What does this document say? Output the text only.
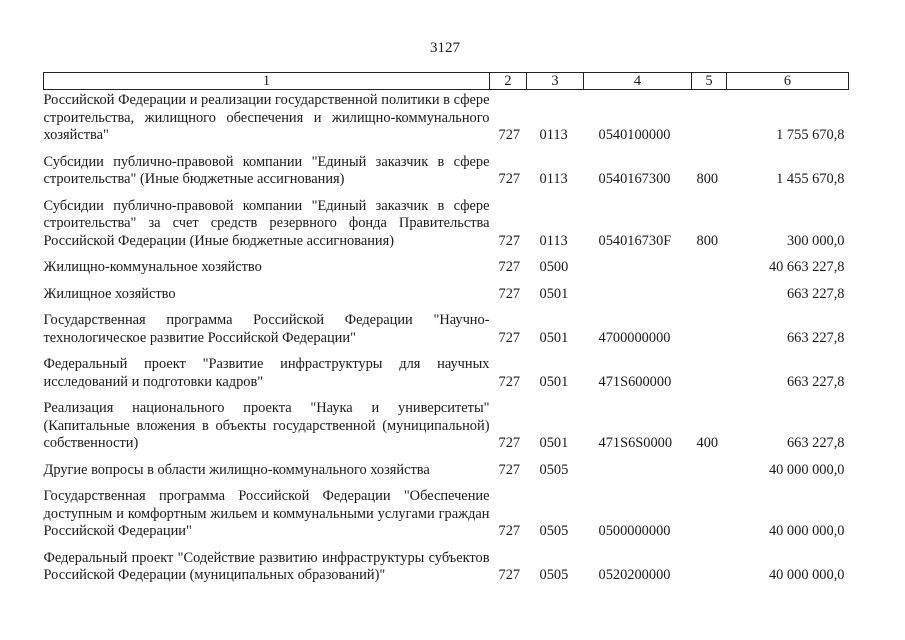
3127
1	2	3	4	5	6
Российской Федерации и реализации государственной политики в сфере строительства, жилищного обеспечения и жилищно-коммунального хозяйства"	727	0113	0540100000		1 755 670,8
Субсидии публично-правовой компании "Единый заказчик в сфере строительства" (Иные бюджетные ассигнования)	727	0113	0540167300	800	1 455 670,8
Субсидии публично-правовой компании "Единый заказчик в сфере строительства" за счет средств резервного фонда Правительства Российской Федерации (Иные бюджетные ассигнования)	727	0113	054016730F	800	300 000,0
Жилищно-коммунальное хозяйство	727	0500			40 663 227,8
Жилищное хозяйство	727	0501			663 227,8
Государственная программа Российской Федерации "Научно-технологическое развитие Российской Федерации"	727	0501	4700000000		663 227,8
Федеральный проект "Развитие инфраструктуры для научных исследований и подготовки кадров"	727	0501	471S600000		663 227,8
Реализация национального проекта "Наука и университеты" (Капитальные вложения в объекты государственной (муниципальной) собственности)	727	0501	471S6S0000	400	663 227,8
Другие вопросы в области жилищно-коммунального хозяйства	727	0505			40 000 000,0
Государственная программа Российской Федерации "Обеспечение доступным и комфортным жильем и коммунальными услугами граждан Российской Федерации"	727	0505	0500000000		40 000 000,0
Федеральный проект "Содействие развитию инфраструктуры субъектов Российской Федерации (муниципальных образований)"	727	0505	0520200000		40 000 000,0
